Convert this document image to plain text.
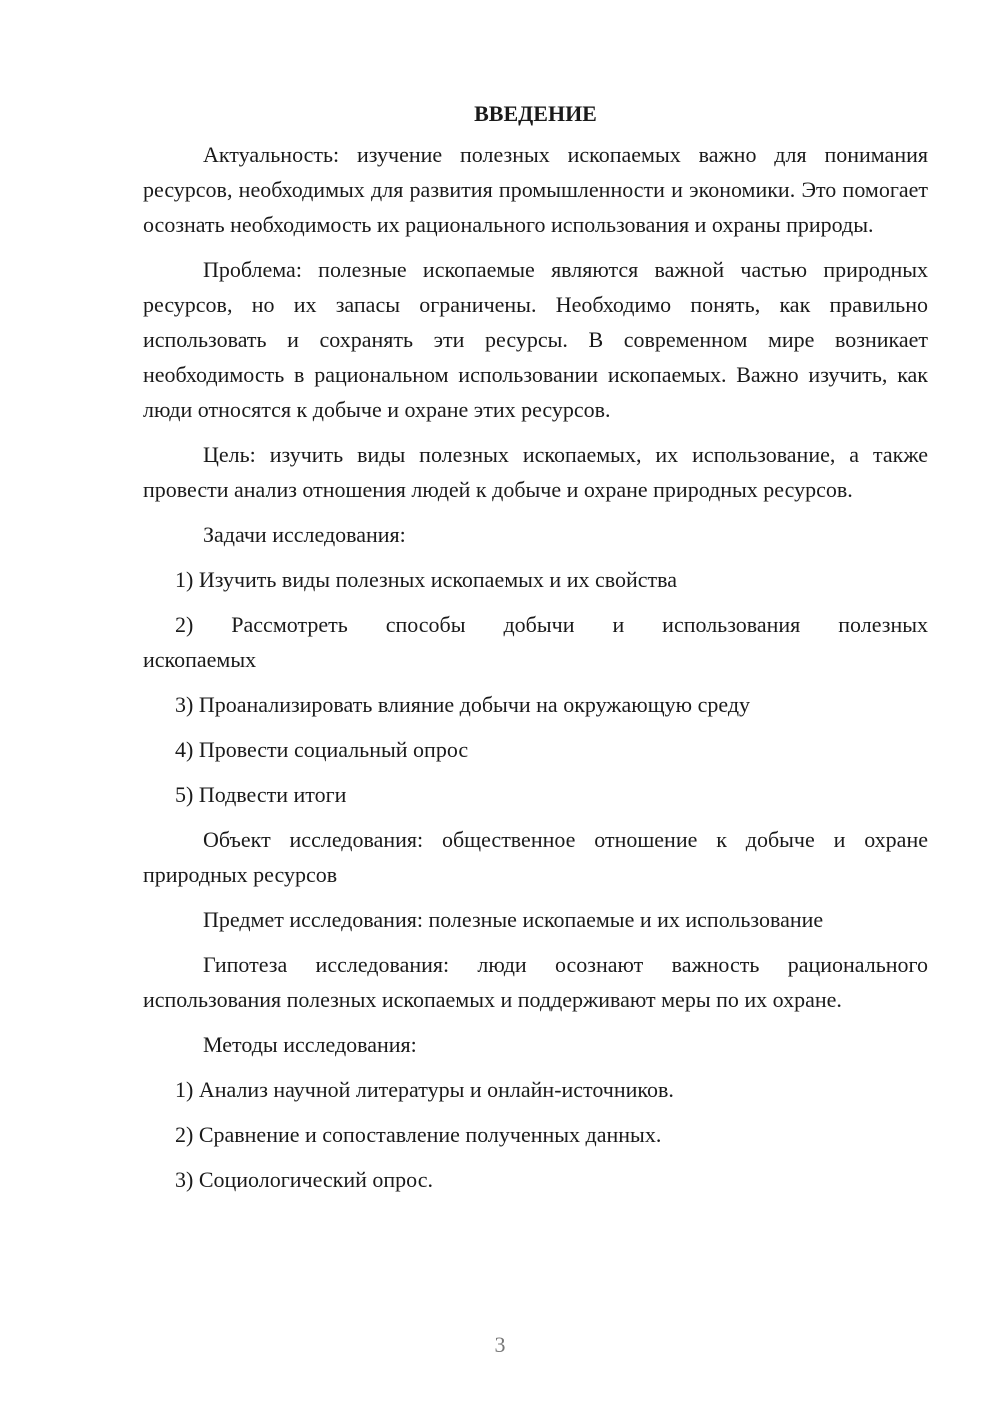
ВВЕДЕНИЕ

Актуальность: изучение полезных ископаемых важно для понимания ресурсов, необходимых для развития промышленности и экономики. Это помогает осознать необходимость их рационального использования и охраны природы.

Проблема: полезные ископаемые являются важной частью природных ресурсов, но их запасы ограничены. Необходимо понять, как правильно использовать и сохранять эти ресурсы. В современном мире возникает необходимость в рациональном использовании ископаемых. Важно изучить, как люди относятся к добыче и охране этих ресурсов.

Цель: изучить виды полезных ископаемых, их использование, а также провести анализ отношения людей к добыче и охране природных ресурсов.

Задачи исследования:

1) Изучить виды полезных ископаемых и их свойства

2) Рассмотреть способы добычи и использования полезных ископаемых

3) Проанализировать влияние добычи на окружающую среду

4) Провести социальный опрос

5) Подвести итоги

Объект исследования: общественное отношение к добыче и охране природных ресурсов

Предмет исследования: полезные ископаемые и их использование

Гипотеза исследования: люди осознают важность рационального использования полезных ископаемых и поддерживают меры по их охране.

Методы исследования:

1) Анализ научной литературы и онлайн-источников.

2) Сравнение и сопоставление полученных данных.

3) Социологический опрос.

3
